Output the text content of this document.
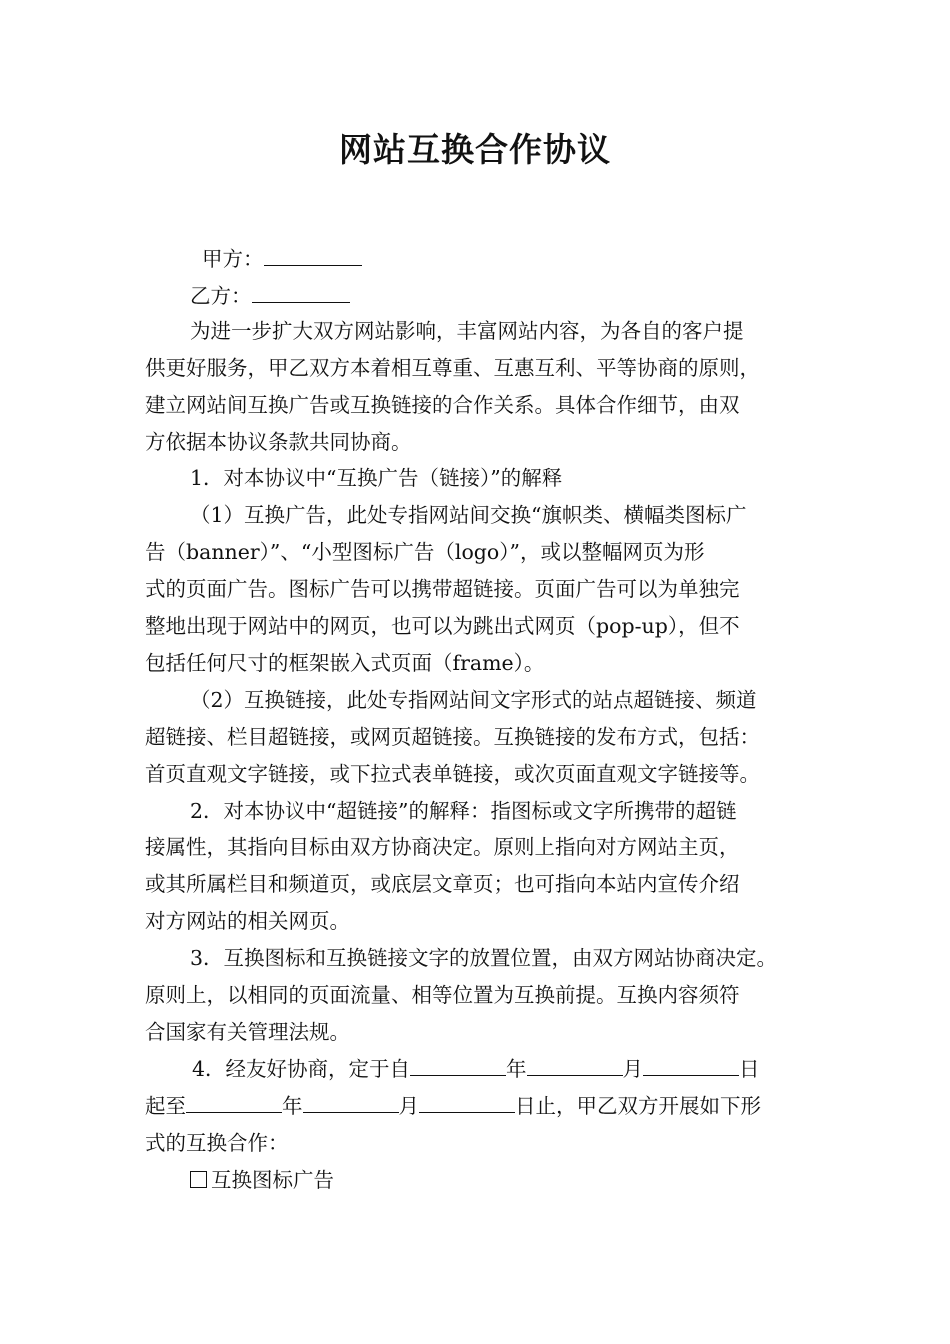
网站互换合作协议
甲方：
乙方：
为进一步扩大双方网站影响，丰富网站内容，为各自的客户提
供更好服务，甲乙双方本着相互尊重、互惠互利、平等协商的原则，
建立网站间互换广告或互换链接的合作关系。具体合作细节，由双
方依据本协议条款共同协商。
1．对本协议中“互换广告（链接）”的解释
（1）互换广告，此处专指网站间交换“旗帜类、横幅类图标广
告（banner）”、“小型图标广告（logo）”，或以整幅网页为形
式的页面广告。图标广告可以携带超链接。页面广告可以为单独完
整地出现于网站中的网页，也可以为跳出式网页（pop-up），但不
包括任何尺寸的框架嵌入式页面（frame）。
（2）互换链接，此处专指网站间文字形式的站点超链接、频道
超链接、栏目超链接，或网页超链接。互换链接的发布方式，包括：
首页直观文字链接，或下拉式表单链接，或次页面直观文字链接等。
2．对本协议中“超链接”的解释：指图标或文字所携带的超链
接属性，其指向目标由双方协商决定。原则上指向对方网站主页，
或其所属栏目和频道页，或底层文章页；也可指向本站内宣传介绍
对方网站的相关网页。
3．互换图标和互换链接文字的放置位置，由双方网站协商决定。
原则上，以相同的页面流量、相等位置为互换前提。互换内容须符
合国家有关管理法规。
4．经友好协商，定于自	年	月	日
起至	年	月	日止，甲乙双方开展如下形
式的互换合作：
互换图标广告
